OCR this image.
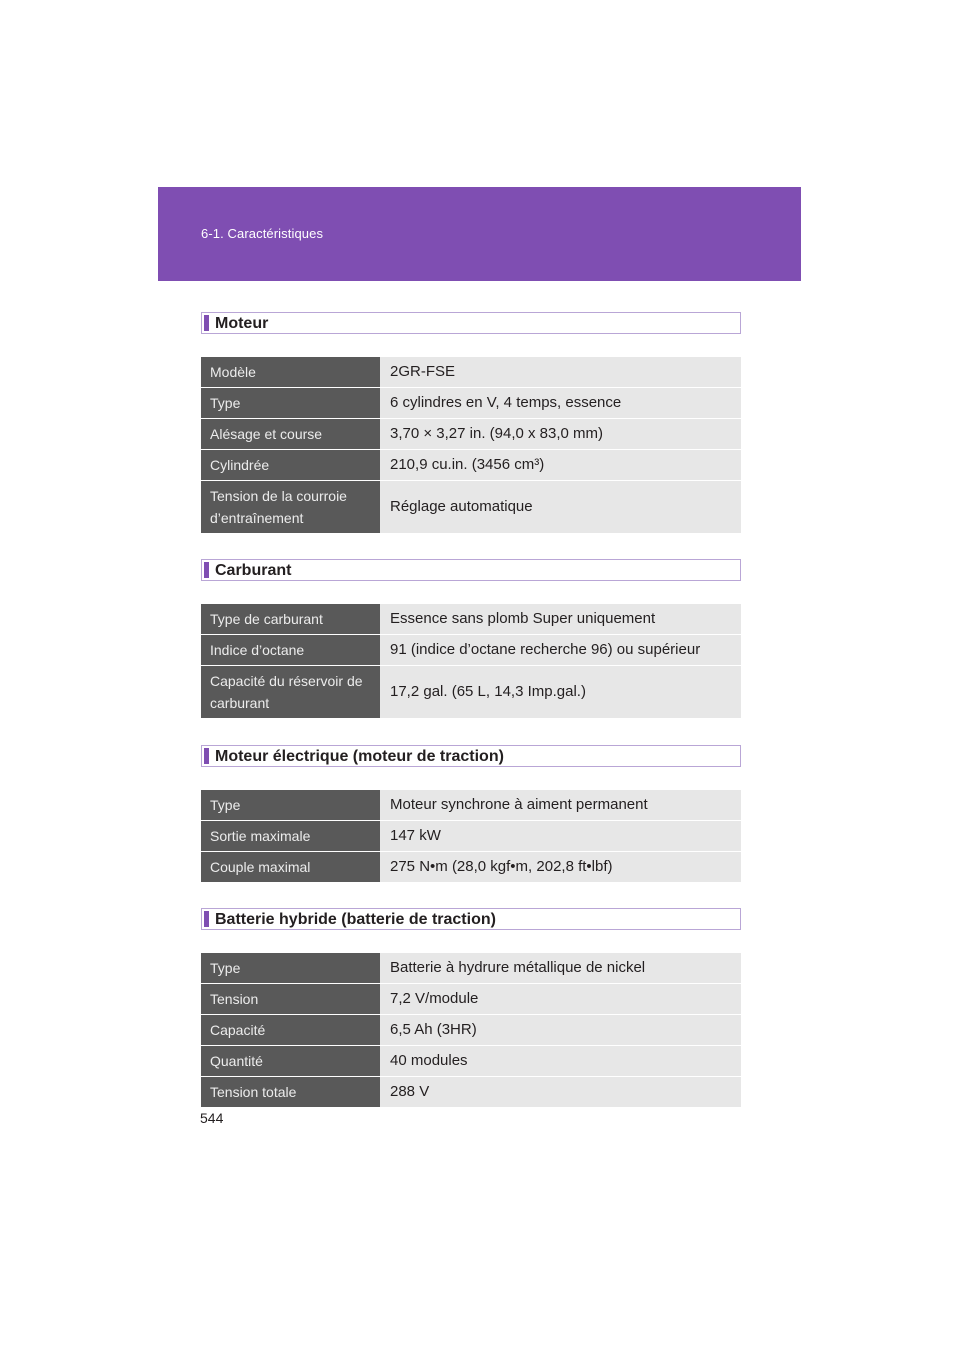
6-1. Caractéristiques
Moteur
Modèle	2GR-FSE
Type	6 cylindres en V, 4 temps, essence
Alésage et course	3,70 × 3,27 in. (94,0 x 83,0 mm)
Cylindrée	210,9 cu.in. (3456 cm³)
Tension de la courroie d’entraînement	Réglage automatique
Carburant
Type de carburant	Essence sans plomb Super uniquement
Indice d’octane	91 (indice d’octane recherche 96) ou supérieur
Capacité du réservoir de carburant	17,2 gal. (65 L, 14,3 Imp.gal.)
Moteur électrique (moteur de traction)
Type	Moteur synchrone à aiment permanent
Sortie maximale	147 kW
Couple maximal	275 N•m (28,0 kgf•m, 202,8 ft•lbf)
Batterie hybride (batterie de traction)
Type	Batterie à hydrure métallique de nickel
Tension	7,2 V/module
Capacité	6,5 Ah (3HR)
Quantité	40 modules
Tension totale	288 V
544
